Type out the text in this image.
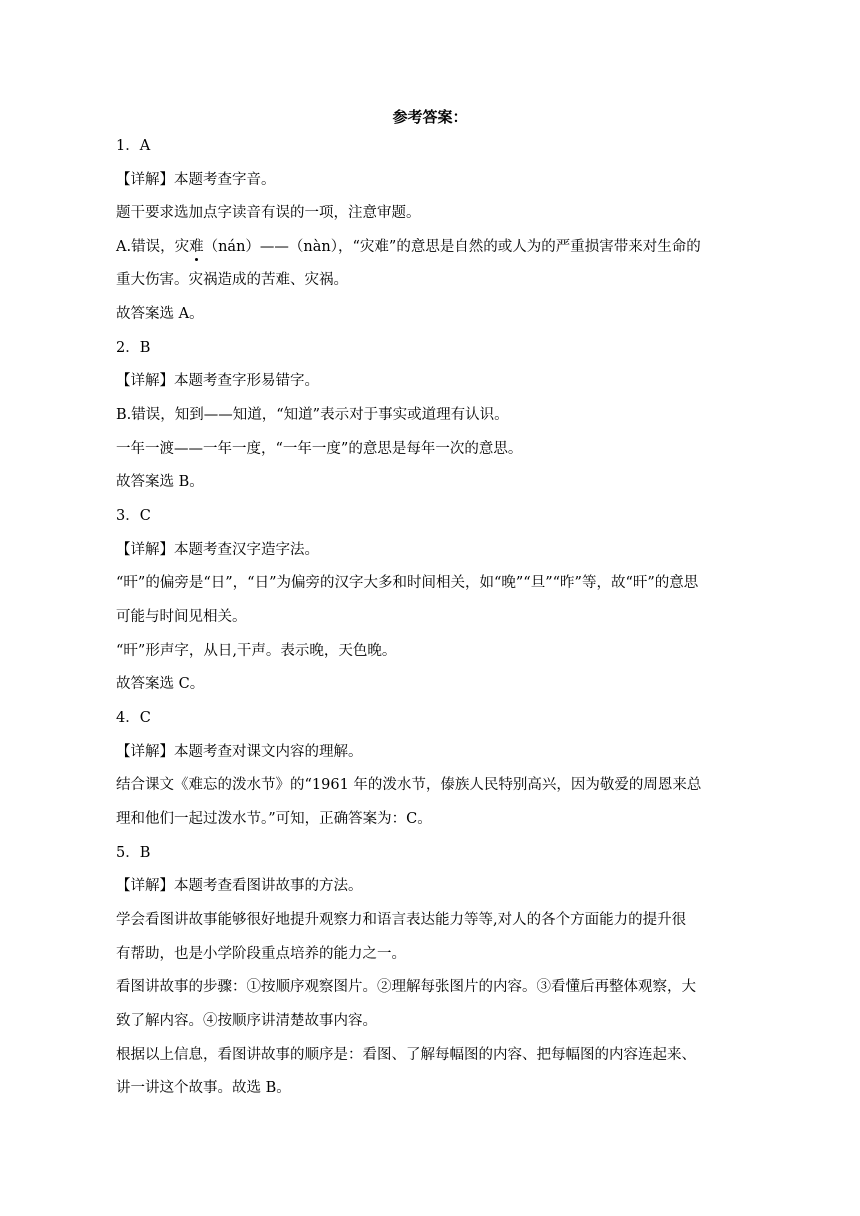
参考答案：
1．A
【详解】本题考查字音。
题干要求选加点字读音有误的一项，注意审题。
A.错误，灾难（nán）——（nàn），“灾难”的意思是自然的或人为的严重损害带来对生命的
重大伤害。灾祸造成的苦难、灾祸。
故答案选 A。
2．B
【详解】本题考查字形易错字。
B.错误，知到——知道，“知道”表示对于事实或道理有认识。
一年一渡——一年一度，“一年一度”的意思是每年一次的意思。
故答案选 B。
3．C
【详解】本题考查汉字造字法。
“旰”的偏旁是“日”，“日”为偏旁的汉字大多和时间相关，如“晚”“旦”“昨”等，故“旰”的意思
可能与时间见相关。
“旰”形声字，从日,干声。表示晚，天色晚。
故答案选 C。
4．C
【详解】本题考查对课文内容的理解。
结合课文《难忘的泼水节》的“1961 年的泼水节，傣族人民特别高兴，因为敬爱的周恩来总
理和他们一起过泼水节。”可知，正确答案为：C。
5．B
【详解】本题考查看图讲故事的方法。
学会看图讲故事能够很好地提升观察力和语言表达能力等等,对人的各个方面能力的提升很
有帮助，也是小学阶段重点培养的能力之一。
看图讲故事的步骤：①按顺序观察图片。②理解每张图片的内容。③看懂后再整体观察，大
致了解内容。④按顺序讲清楚故事内容。
根据以上信息，看图讲故事的顺序是：看图、了解每幅图的内容、把每幅图的内容连起来、
讲一讲这个故事。故选 B。
